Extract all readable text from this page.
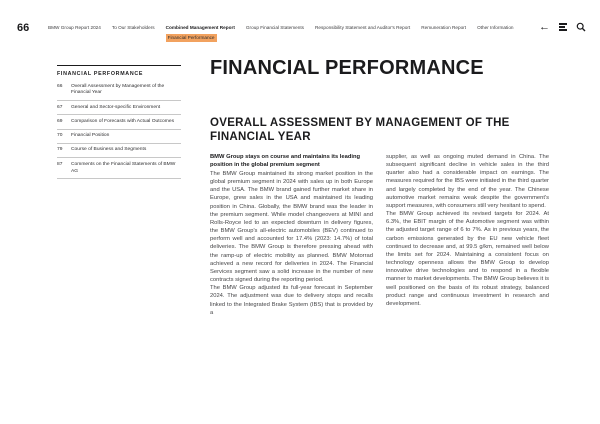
66	BMW Group Report 2024 To Our Stakeholders Combined Management Report
Financial Performance
Group Financial Statements Responsibility Statement and Auditor's Report Remuneration Report Other Information ←
FINANCIAL PERFORMANCE
66	Overall Assessment by Management of the Financial Year
67	General and Sector-specific Environment
69	Comparison of Forecasts with Actual Outcomes
70	Financial Position
79	Course of Business and Segments
87	Comments on the Financial Statements of BMW AG
FINANCIAL PERFORMANCE
OVERALL ASSESSMENT BY MANAGEMENT OF THE FINANCIAL YEAR
BMW Group stays on course and maintains its leading position in the global premium segment
The BMW Group maintained its strong market position in the global premium segment in 2024 with sales up in both Europe and the USA. The BMW brand gained further market share in Europe, grew sales in the USA and maintained its leading position in China. Globally, the BMW brand was the leader in the premium segment. While model changeovers at MINI and Rolls-Royce led to an expected downturn in delivery figures, the BMW Group's all-electric automobiles (BEV) continued to perform well and accounted for 17.4% (2023: 14.7%) of total deliveries. The BMW Group is therefore pressing ahead with the ramp-up of electric mobility as planned. BMW Motorrad achieved a new record for deliveries in 2024. The Financial Services segment saw a solid increase in the number of new contracts signed during the reporting period.
The BMW Group adjusted its full-year forecast in September 2024. The adjustment was due to delivery stops and recalls linked to the Integrated Brake System (IBS) that is provided by a
supplier, as well as ongoing muted demand in China. The subsequent significant decline in vehicle sales in the third quarter also had a considerable impact on earnings. The measures required for the IBS were initiated in the third quarter and largely completed by the end of the year. The Chinese automotive market remains weak despite the government's support measures, with consumers still very hesitant to spend.
The BMW Group achieved its revised targets for 2024. At 6.3%, the EBIT margin of the Automotive segment was within the adjusted target range of 6 to 7%. As in previous years, the carbon emissions generated by the EU new vehicle fleet continued to decrease and, at 99.5 g/km, remained well below the limits set for 2024. Maintaining a consistent focus on technology openness allows the BMW Group to develop innovative drive technologies and to respond in a flexible manner to market developments. The BMW Group believes it is well positioned on the basis of its robust strategy, balanced product range and continuous investment in research and development.
